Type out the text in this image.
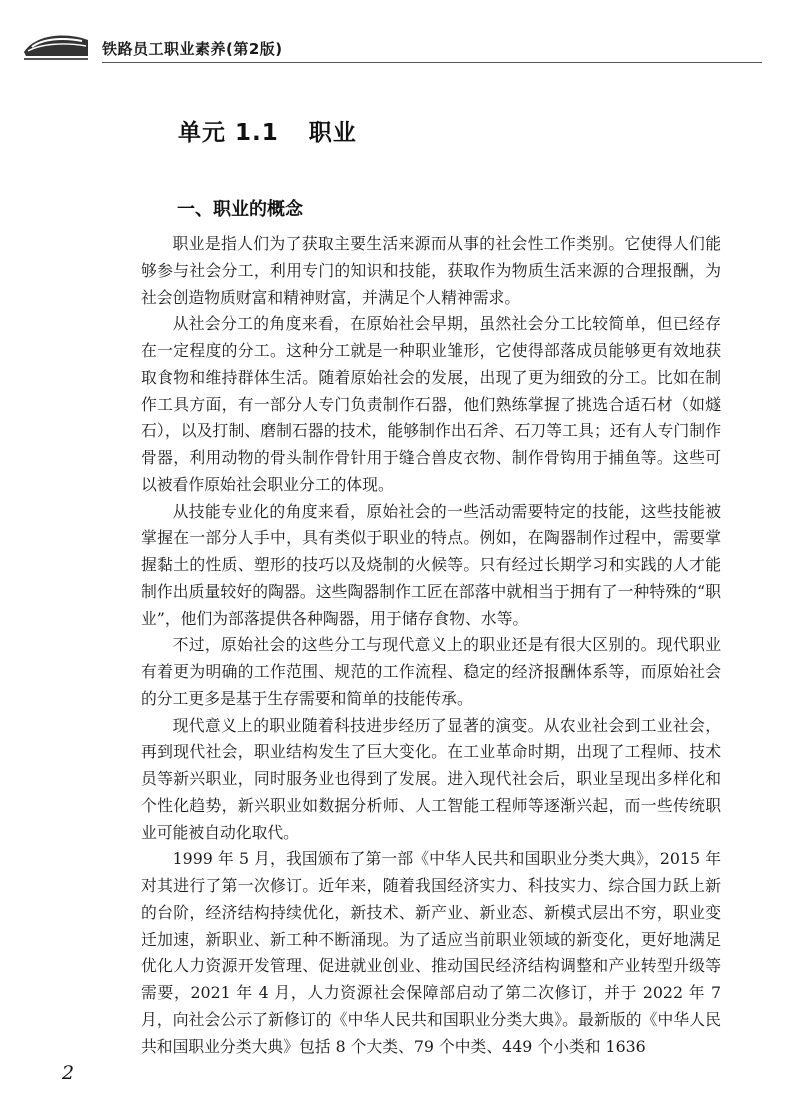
铁路员工职业素养(第2版)
单元 1.1 职业
一、职业的概念

职业是指人们为了获取主要生活来源而从事的社会性工作类别。它使得人们能够参与社会分工，利用专门的知识和技能，获取作为物质生活来源的合理报酬，为社会创造物质财富和精神财富，并满足个人精神需求。

从社会分工的角度来看，在原始社会早期，虽然社会分工比较简单，但已经存在一定程度的分工。这种分工就是一种职业雏形，它使得部落成员能够更有效地获取食物和维持群体生活。随着原始社会的发展，出现了更为细致的分工。比如在制作工具方面，有一部分人专门负责制作石器，他们熟练掌握了挑选合适石材（如燧石），以及打制、磨制石器的技术，能够制作出石斧、石刀等工具；还有人专门制作骨器，利用动物的骨头制作骨针用于缝合兽皮衣物、制作骨钩用于捕鱼等。这些可以被看作原始社会职业分工的体现。

从技能专业化的角度来看，原始社会的一些活动需要特定的技能，这些技能被掌握在一部分人手中，具有类似于职业的特点。例如，在陶器制作过程中，需要掌握黏土的性质、塑形的技巧以及烧制的火候等。只有经过长期学习和实践的人才能制作出质量较好的陶器。这些陶器制作工匠在部落中就相当于拥有了一种特殊的“职业”，他们为部落提供各种陶器，用于储存食物、水等。

不过，原始社会的这些分工与现代意义上的职业还是有很大区别的。现代职业有着更为明确的工作范围、规范的工作流程、稳定的经济报酬体系等，而原始社会的分工更多是基于生存需要和简单的技能传承。

现代意义上的职业随着科技进步经历了显著的演变。从农业社会到工业社会，再到现代社会，职业结构发生了巨大变化。在工业革命时期，出现了工程师、技术员等新兴职业，同时服务业也得到了发展。进入现代社会后，职业呈现出多样化和个性化趋势，新兴职业如数据分析师、人工智能工程师等逐渐兴起，而一些传统职业可能被自动化取代。

1999 年 5 月，我国颁布了第一部《中华人民共和国职业分类大典》，2015 年对其进行了第一次修订。近年来，随着我国经济实力、科技实力、综合国力跃上新的台阶，经济结构持续优化，新技术、新产业、新业态、新模式层出不穷，职业变迁加速，新职业、新工种不断涌现。为了适应当前职业领域的新变化，更好地满足优化人力资源开发管理、促进就业创业、推动国民经济结构调整和产业转型升级等需要，2021 年 4 月，人力资源社会保障部启动了第二次修订，并于 2022 年 7 月，向社会公示了新修订的《中华人民共和国职业分类大典》。最新版的《中华人民共和国职业分类大典》包括 8 个大类、79 个中类、449 个小类和 1636

2
